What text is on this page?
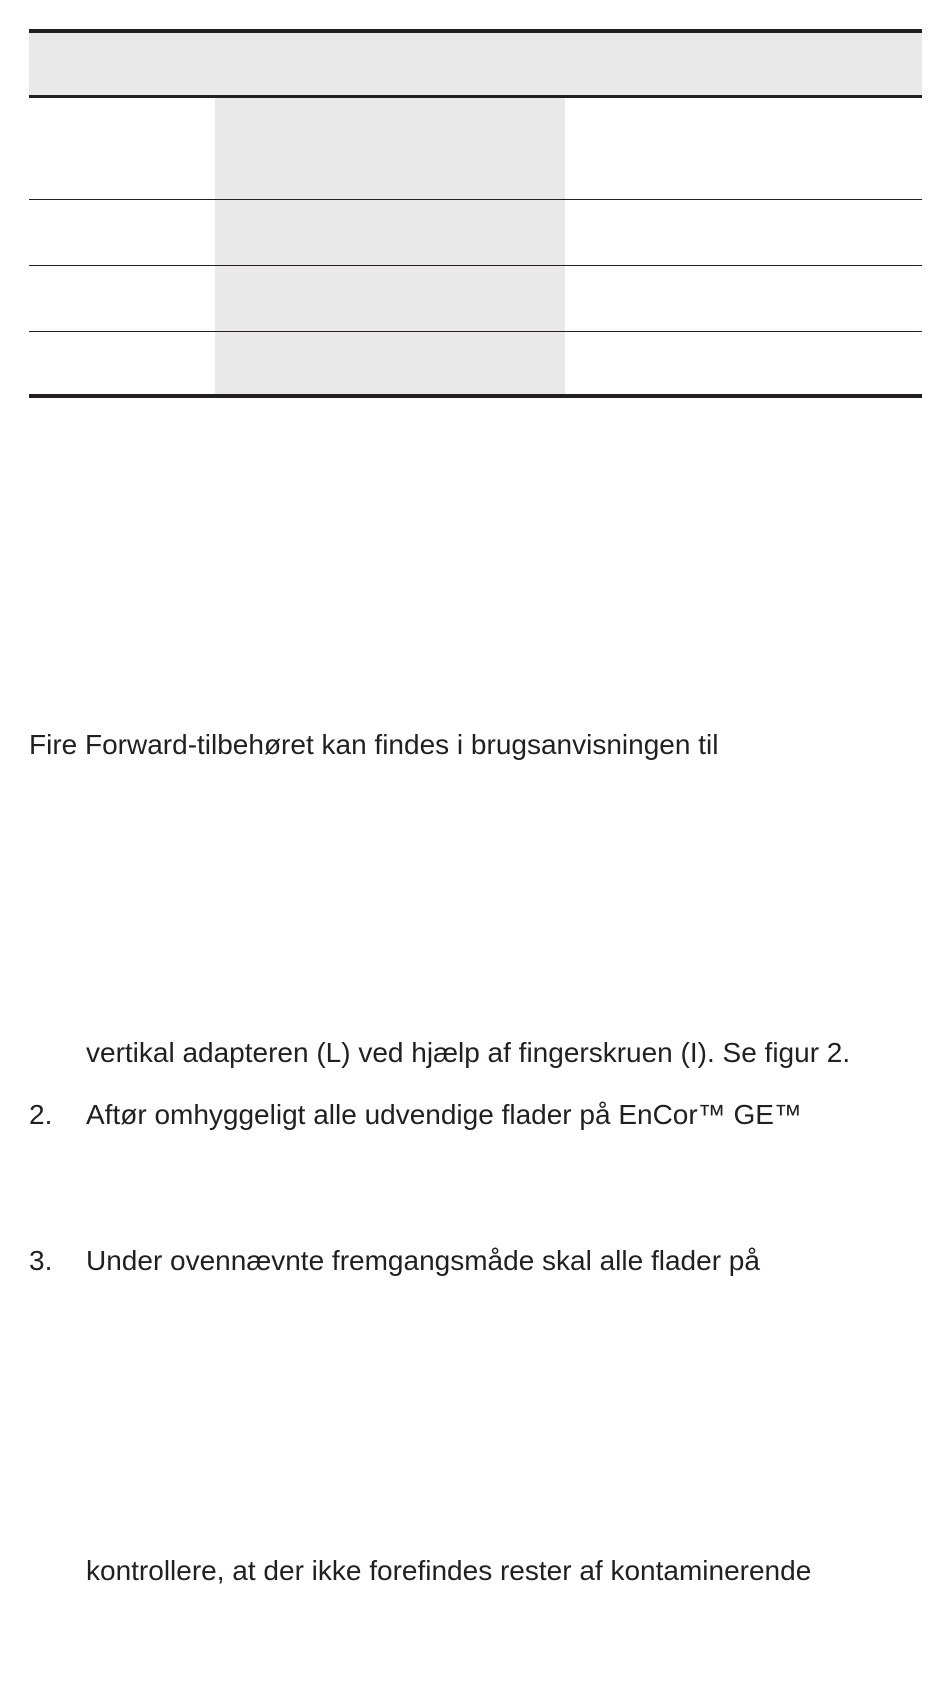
Fire Forward-tilbehøret kan findes i brugsanvisningen til

vertikal adapteren (L) ved hjælp af fingerskruen (I). Se figur 2.
2. Aftør omhyggeligt alle udvendige flader på EnCor™ GE™
3. Under ovennævnte fremgangsmåde skal alle flader på
kontrollere, at der ikke forefindes rester af kontaminerende
